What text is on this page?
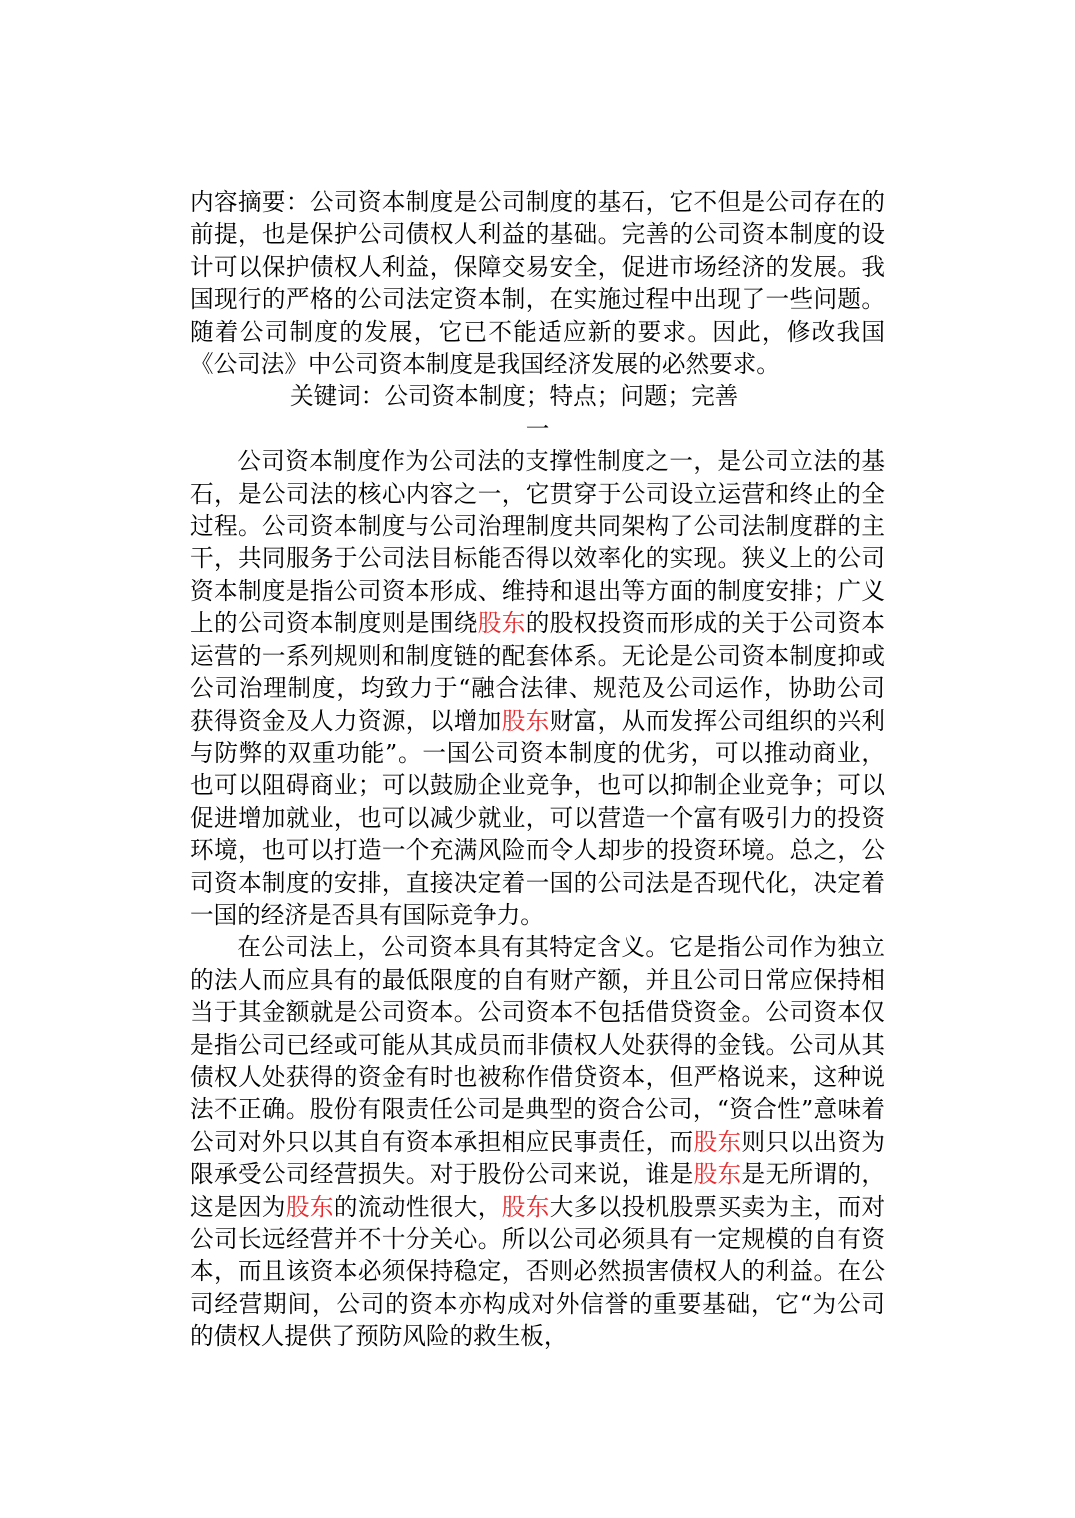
内容摘要：公司资本制度是公司制度的基石，它不但是公司存在的前提，也是保护公司债权人利益的基础。完善的公司资本制度的设计可以保护债权人利益，保障交易安全，促进市场经济的发展。我国现行的严格的公司法定资本制，在实施过程中出现了一些问题。随着公司制度的发展，它已不能适应新的要求。因此，修改我国《公司法》中公司资本制度是我国经济发展的必然要求。

关键词：公司资本制度；特点；问题；完善

一

公司资本制度作为公司法的支撑性制度之一，是公司立法的基石，是公司法的核心内容之一，它贯穿于公司设立运营和终止的全过程。公司资本制度与公司治理制度共同架构了公司法制度群的主干，共同服务于公司法目标能否得以效率化的实现。狭义上的公司资本制度是指公司资本形成、维持和退出等方面的制度安排；广义上的公司资本制度则是围绕股东的股权投资而形成的关于公司资本运营的一系列规则和制度链的配套体系。无论是公司资本制度抑或公司治理制度，均致力于“融合法律、规范及公司运作，协助公司获得资金及人力资源，以增加股东财富，从而发挥公司组织的兴利与防弊的双重功能”。一国公司资本制度的优劣，可以推动商业，也可以阻碍商业；可以鼓励企业竞争，也可以抑制企业竞争；可以促进增加就业，也可以减少就业，可以营造一个富有吸引力的投资环境，也可以打造一个充满风险而令人却步的投资环境。总之，公司资本制度的安排，直接决定着一国的公司法是否现代化，决定着一国的经济是否具有国际竞争力。

在公司法上，公司资本具有其特定含义。它是指公司作为独立的法人而应具有的最低限度的自有财产额，并且公司日常应保持相当于其金额就是公司资本。公司资本不包括借贷资金。公司资本仅是指公司已经或可能从其成员而非债权人处获得的金钱。公司从其债权人处获得的资金有时也被称作借贷资本，但严格说来，这种说法不正确。股份有限责任公司是典型的资合公司，“资合性”意味着公司对外只以其自有资本承担相应民事责任，而股东则只以出资为限承受公司经营损失。对于股份公司来说，谁是股东是无所谓的，这是因为股东的流动性很大，股东大多以投机股票买卖为主，而对公司长远经营并不十分关心。所以公司必须具有一定规模的自有资本，而且该资本必须保持稳定，否则必然损害债权人的利益。在公司经营期间，公司的资本亦构成对外信誉的重要基础，它“为公司的债权人提供了预防风险的救生板，
